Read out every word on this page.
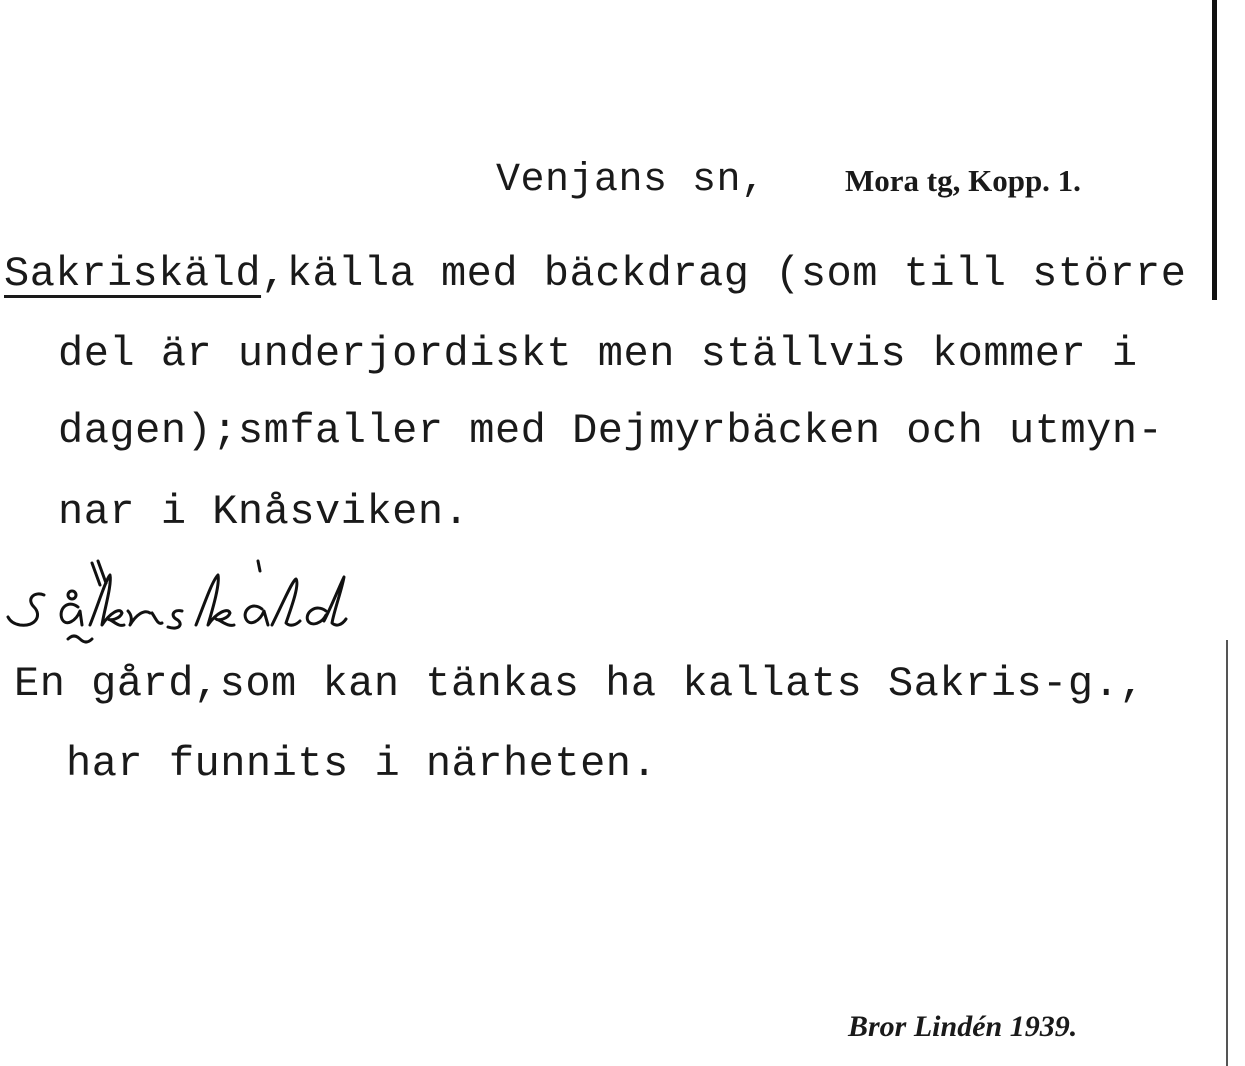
Venjans sn,	Mora tg, Kopp. 1.
Sakriskäld,källa med bäckdrag (som till större
del är underjordiskt men ställvis kommer i
dagen);smfaller med Dejmyrbäcken och utmyn-
nar i Knåsviken.
En gård,som kan tänkas ha kallats Sakris-g.,
har funnits i närheten.
Bror Lindén 1939.
